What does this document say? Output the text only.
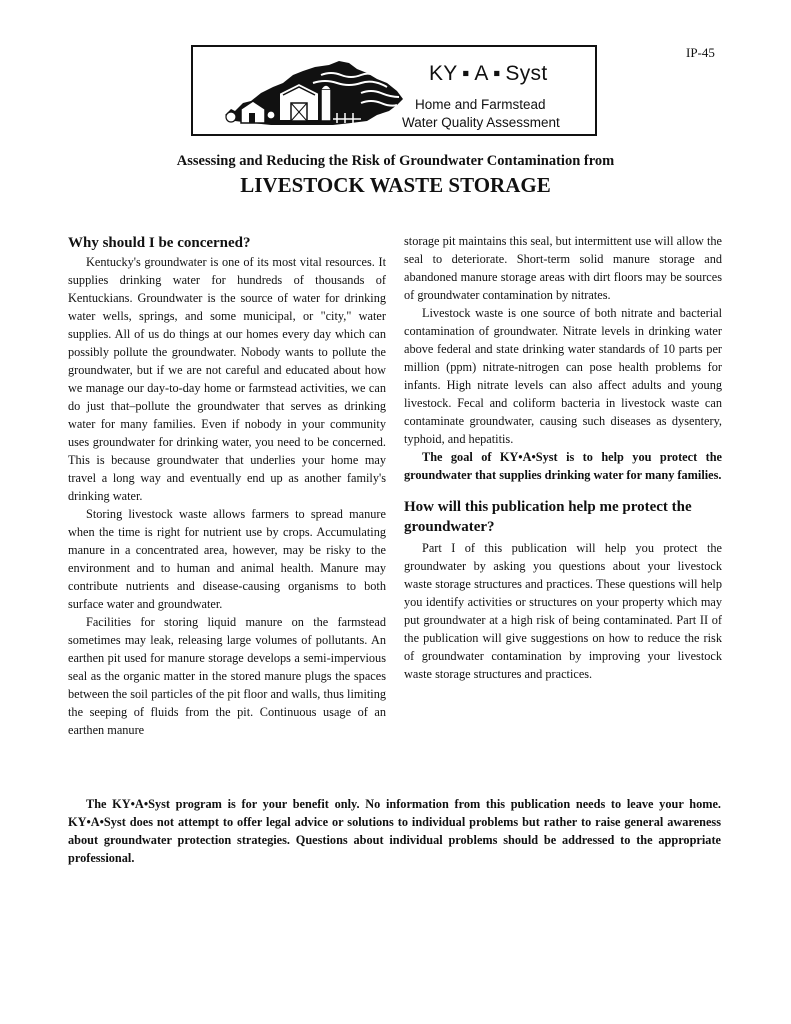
IP-45
KY ▪ A ▪ Syst
Home and Farmstead
Water Quality Assessment
Assessing and Reducing the Risk of Groundwater Contamination from
LIVESTOCK WASTE STORAGE
Why should I be concerned?

Kentucky's groundwater is one of its most vital resources. It supplies drinking water for hundreds of thousands of Kentuckians. Groundwater is the source of water for drinking water wells, springs, and some municipal, or "city," water supplies. All of us do things at our homes every day which can possibly pollute the groundwater. Nobody wants to pollute the groundwater, but if we are not careful and educated about how we manage our day-to-day home or farmstead activities, we can do just that–pollute the groundwater that serves as drinking water for many families. Even if nobody in your community uses groundwater for drinking water, you need to be concerned. This is because groundwater that underlies your home may travel a long way and eventually end up as another family's drinking water.

Storing livestock waste allows farmers to spread manure when the time is right for nutrient use by crops. Accumulating manure in a concentrated area, however, may be risky to the environment and to human and animal health. Manure may contribute nutrients and disease-causing organisms to both surface water and groundwater.

Facilities for storing liquid manure on the farmstead sometimes may leak, releasing large volumes of pollutants. An earthen pit used for manure storage develops a semi-impervious seal as the organic matter in the stored manure plugs the spaces between the soil particles of the pit floor and walls, thus limiting the seeping of fluids from the pit. Continuous usage of an earthen manure

storage pit maintains this seal, but intermittent use will allow the seal to deteriorate. Short-term solid manure storage and abandoned manure storage areas with dirt floors may be sources of groundwater contamination by nitrates.

Livestock waste is one source of both nitrate and bacterial contamination of groundwater. Nitrate levels in drinking water above federal and state drinking water standards of 10 parts per million (ppm) nitrate-nitrogen can pose health problems for infants. High nitrate levels can also affect adults and young livestock. Fecal and coliform bacteria in livestock waste can contaminate groundwater, causing such diseases as dysentery, typhoid, and hepatitis.

The goal of KY•A•Syst is to help you protect the groundwater that supplies drinking water for many families.

How will this publication help me protect the groundwater?

Part I of this publication will help you protect the groundwater by asking you questions about your livestock waste storage structures and practices. These questions will help you identify activities or structures on your property which may put groundwater at a high risk of being contaminated. Part II of the publication will give suggestions on how to reduce the risk of groundwater contamination by improving your livestock waste storage structures and practices.

The KY•A•Syst program is for your benefit only. No information from this publication needs to leave your home. KY•A•Syst does not attempt to offer legal advice or solutions to individual problems but rather to raise general awareness about groundwater protection strategies. Questions about individual problems should be addressed to the appropriate professional.
